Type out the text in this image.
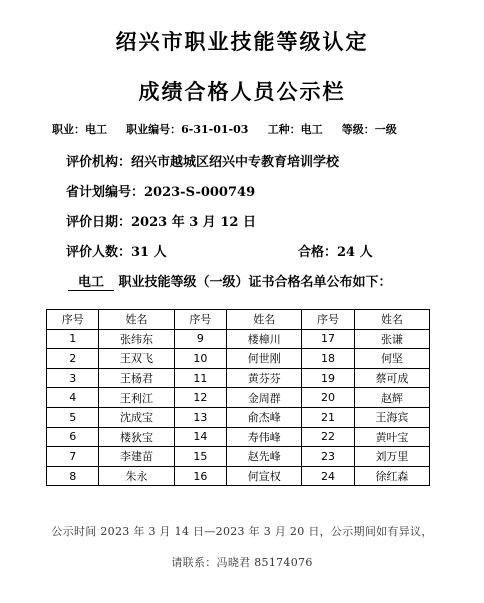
绍兴市职业技能等级认定
成绩合格人员公示栏
职业：电工 职业编号：6-31-01-03 工种：电工 等级：一级
评价机构：绍兴市越城区绍兴中专教育培训学校
省计划编号：2023-S-000749
评价日期：2023 年 3 月 12 日
评价人数：31 人	合格：24 人
电工 职业技能等级（一级）证书合格名单公布如下：
序号	姓名	序号	姓名	序号	姓名
1	张纬东	9	楼樟川	17	张谦
2	王双飞	10	何世刚	18	何坚
3	王杨君	11	黄芬芬	19	蔡可成
4	王利江	12	金周群	20	赵辉
5	沈成宝	13	俞杰峰	21	王海宾
6	楼狄宝	14	寿伟峰	22	黄叶宝
7	李建苗	15	赵先峰	23	刘万里
8	朱永	16	何宣权	24	徐红森
公示时间 2023 年 3 月 14 日—2023 年 3 月 20 日，公示期间如有异议，
请联系：冯晓君 85174076
